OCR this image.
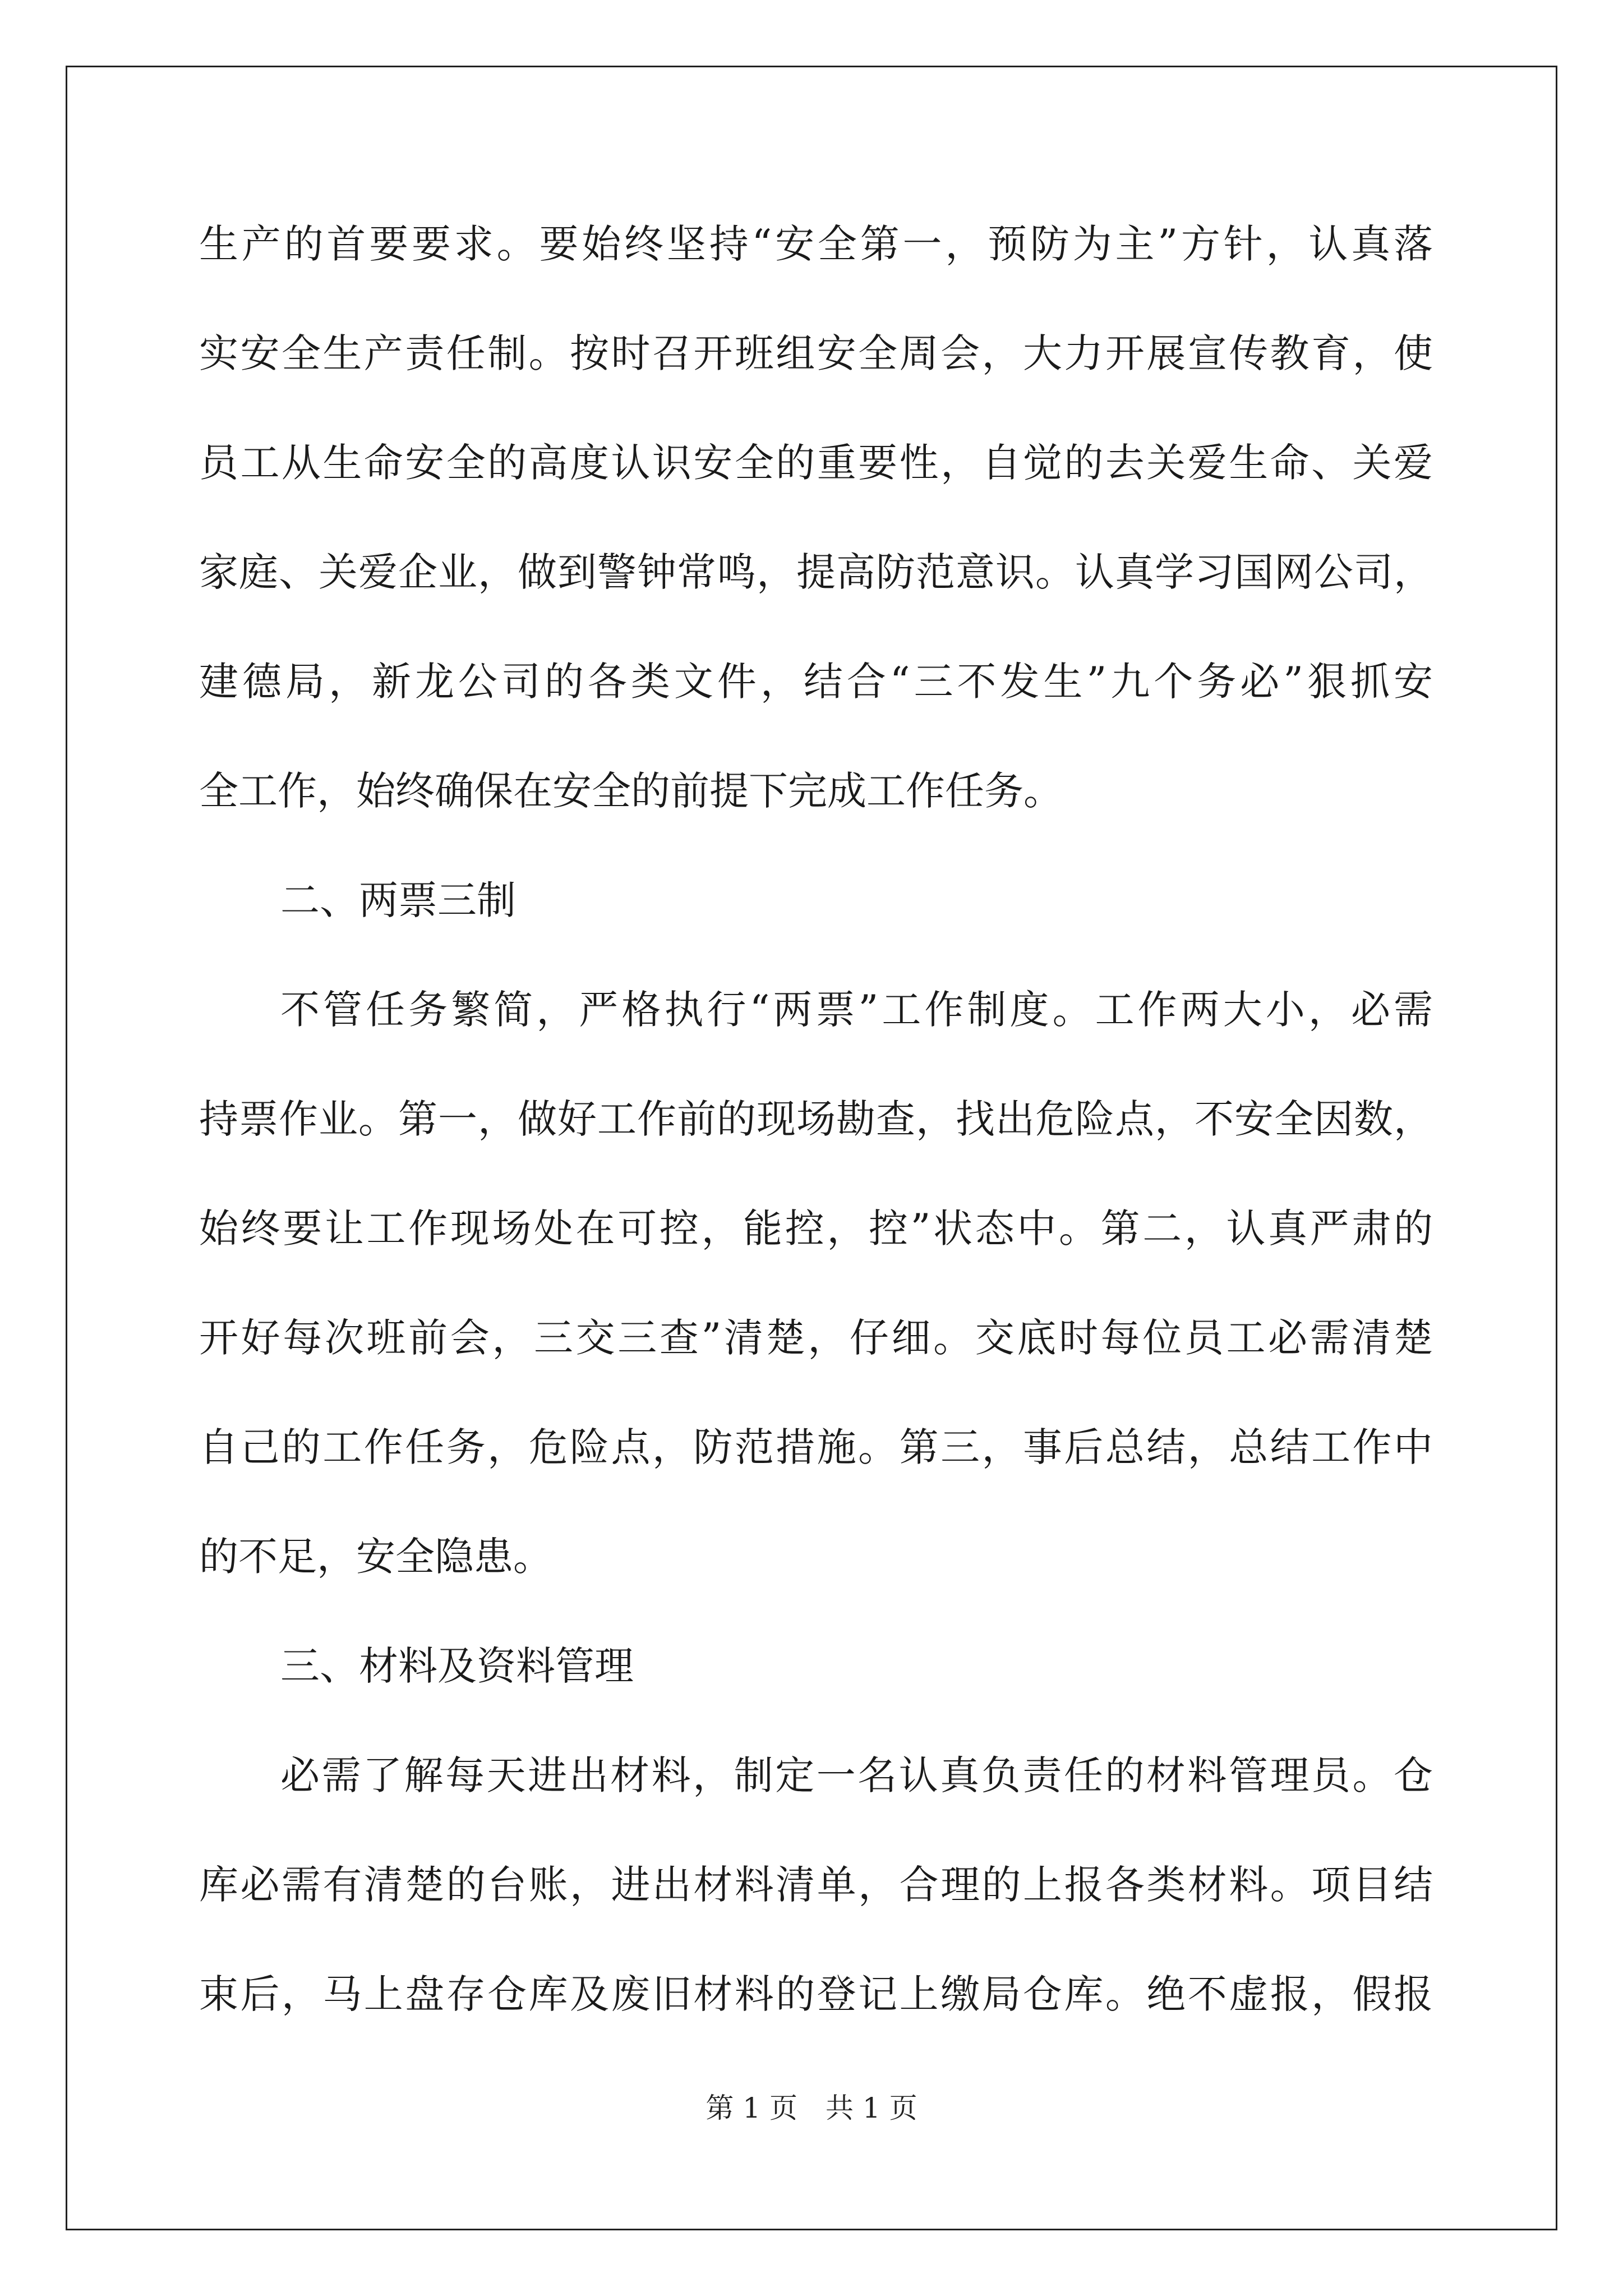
生产的首要要求。要始终坚持“安全第一，预防为主”方针，认真落
实安全生产责任制。按时召开班组安全周会，大力开展宣传教育，使
员工从生命安全的高度认识安全的重要性，自觉的去关爱生命、关爱
家庭、关爱企业，做到警钟常鸣，提高防范意识。认真学习国网公司，
建德局，新龙公司的各类文件，结合“三不发生”九个务必”狠抓安
全工作，始终确保在安全的前提下完成工作任务。
二、两票三制
不管任务繁简，严格执行“两票”工作制度。工作两大小，必需
持票作业。第一，做好工作前的现场勘查，找出危险点，不安全因数，
始终要让工作现场处在可控，能控，控”状态中。第二，认真严肃的
开好每次班前会，三交三查”清楚，仔细。交底时每位员工必需清楚
自己的工作任务，危险点，防范措施。第三，事后总结，总结工作中
的不足，安全隐患。
三、材料及资料管理
必需了解每天进出材料，制定一名认真负责任的材料管理员。仓
库必需有清楚的台账，进出材料清单，合理的上报各类材料。项目结
束后，马上盘存仓库及废旧材料的登记上缴局仓库。绝不虚报，假报
第 1 页　共 1 页
